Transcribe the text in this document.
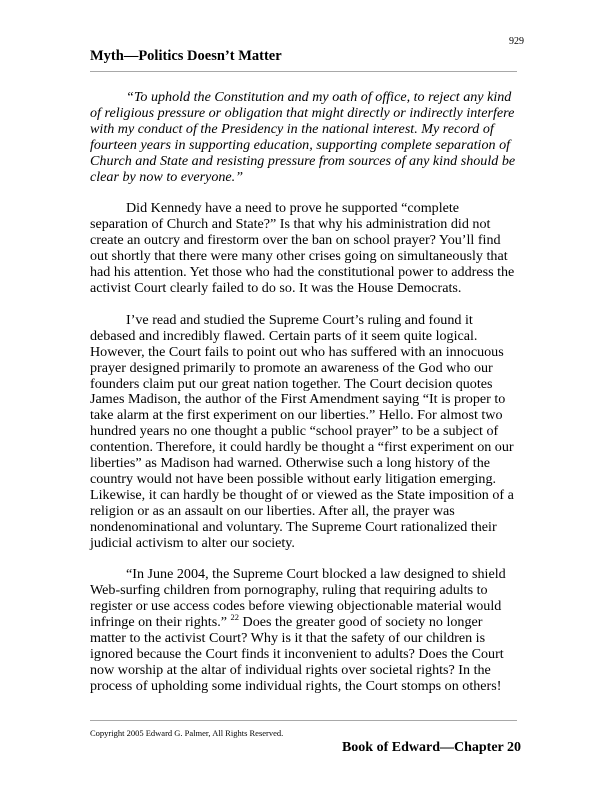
929
Myth—Politics Doesn’t Matter

“To uphold the Constitution and my oath of office, to reject any kind of religious pressure or obligation that might directly or indirectly interfere with my conduct of the Presidency in the national interest. My record of fourteen years in supporting education, supporting complete separation of Church and State and resisting pressure from sources of any kind should be clear by now to everyone.”

Did Kennedy have a need to prove he supported “complete separation of Church and State?” Is that why his administration did not create an outcry and firestorm over the ban on school prayer? You’ll find out shortly that there were many other crises going on simultaneously that had his attention. Yet those who had the constitutional power to address the activist Court clearly failed to do so. It was the House Democrats.

I’ve read and studied the Supreme Court’s ruling and found it debased and incredibly flawed. Certain parts of it seem quite logical. However, the Court fails to point out who has suffered with an innocuous prayer designed primarily to promote an awareness of the God who our founders claim put our great nation together. The Court decision quotes James Madison, the author of the First Amendment saying “It is proper to take alarm at the first experiment on our liberties.” Hello. For almost two hundred years no one thought a public “school prayer” to be a subject of contention. Therefore, it could hardly be thought a “first experiment on our liberties” as Madison had warned. Otherwise such a long history of the country would not have been possible without early litigation emerging. Likewise, it can hardly be thought of or viewed as the State imposition of a religion or as an assault on our liberties. After all, the prayer was nondenominational and voluntary. The Supreme Court rationalized their judicial activism to alter our society.

“In June 2004, the Supreme Court blocked a law designed to shield Web-surfing children from pornography, ruling that requiring adults to register or use access codes before viewing objectionable material would infringe on their rights.” $^{22}$ Does the greater good of society no longer matter to the activist Court? Why is it that the safety of our children is ignored because the Court finds it inconvenient to adults? Does the Court now worship at the altar of individual rights over societal rights? In the process of upholding some individual rights, the Court stomps on others!

Copyright 2005 Edward G. Palmer, All Rights Reserved.
Book of Edward—Chapter 20
